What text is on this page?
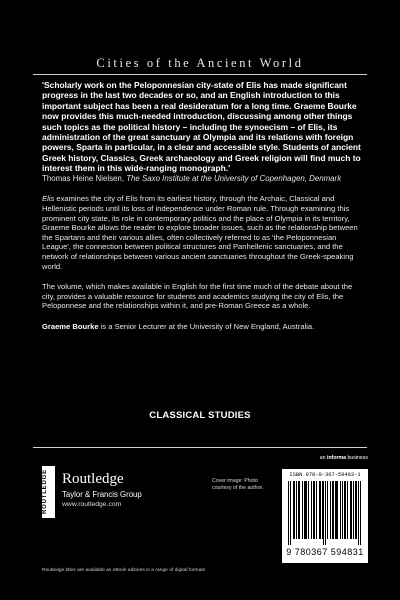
Cities of the Ancient World

'Scholarly work on the Peloponnesian city-state of Elis has made significant progress in the last two decades or so, and an English introduction to this important subject has been a real desideratum for a long time. Graeme Bourke now provides this much-needed introduction, discussing among other things such topics as the political history – including the synoecism – of Elis, its administration of the great sanctuary at Olympia and its relations with foreign powers, Sparta in particular, in a clear and accessible style. Students of ancient Greek history, Classics, Greek archaeology and Greek religion will find much to interest them in this wide-ranging monograph.'

Thomas Heine Nielsen, The Saxo Institute at the University of Copenhagen, Denmark

Elis examines the city of Elis from its earliest history, through the Archaic, Classical and Hellenistic periods until its loss of independence under Roman rule. Through examining this prominent city state, its role in contemporary politics and the place of Olympia in its territory, Graeme Bourke allows the reader to explore broader issues, such as the relationship between the Spartans and their various allies, often collectively referred to as 'the Peloponnesian League', the connection between political structures and Panhellenic sanctuaries, and the network of relationships between various ancient sanctuaries throughout the Greek-speaking world.

The volume, which makes available in English for the first time much of the debate about the city, provides a valuable resource for students and academics studying the city of Elis, the Peloponnese and the relationships within it, and pre-Roman Greece as a whole.

Graeme Bourke is a Senior Lecturer at the University of New England, Australia.

CLASSICAL STUDIES
ROUTLEDGE Routledge
Taylor & Francis Group
www.routledge.com
Cover image: Photo courtesy of the author.
an informa business
ISBN 978-0-367-59483-1
9 780367 594831
Routledge titles are available as eBook editions in a range of digital formats
